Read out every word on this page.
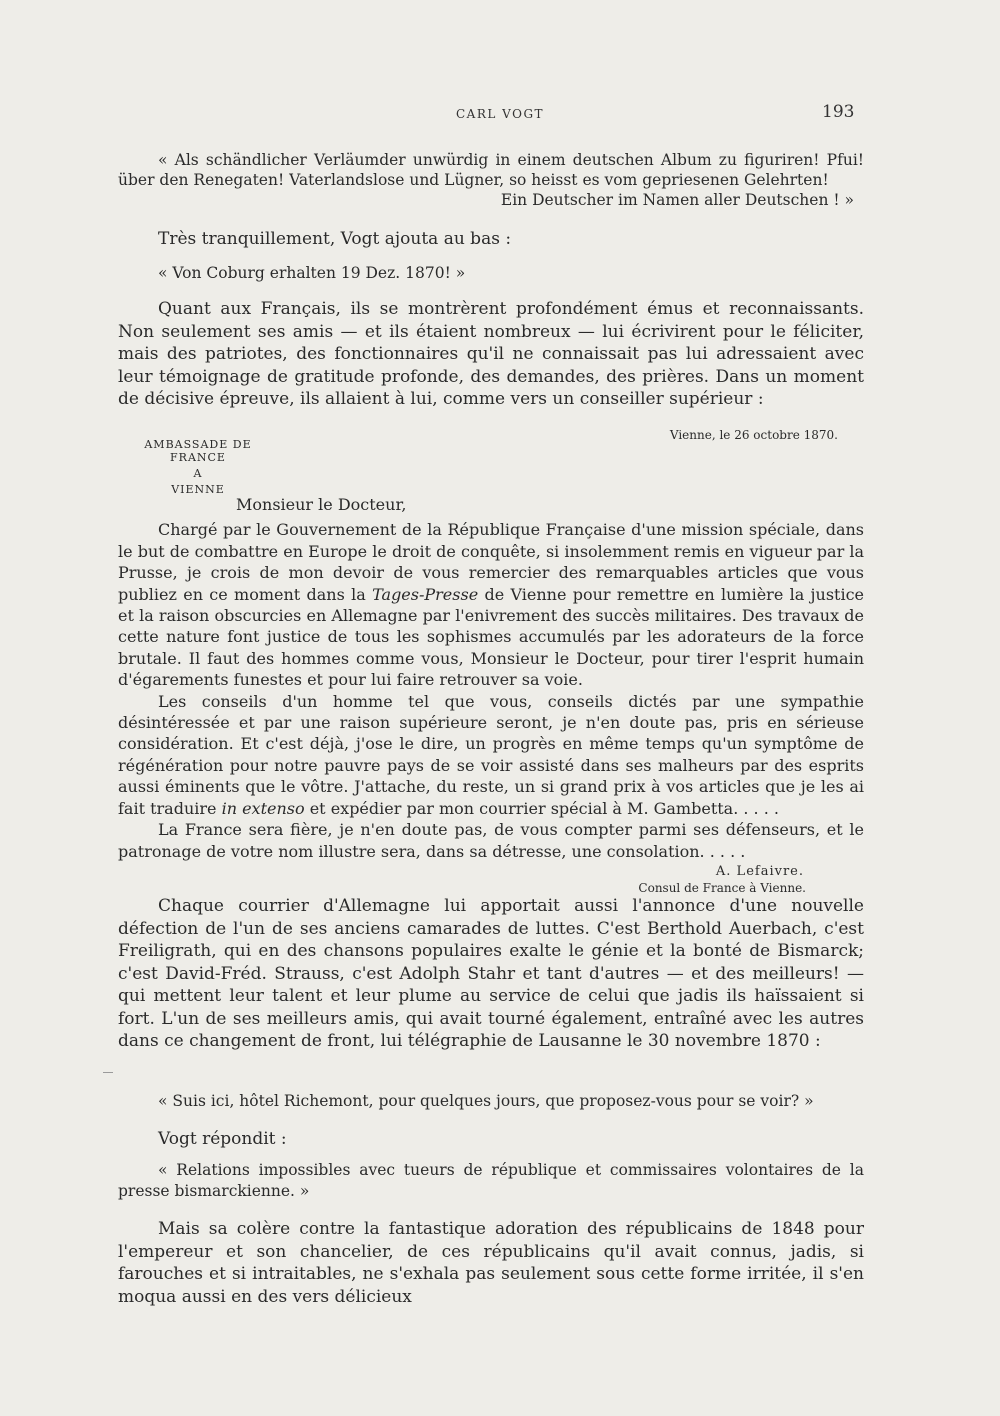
CARL VOGT	193

« Als schändlicher Verläumder unwürdig in einem deutschen Album zu figuriren! Pfui! über den Renegaten! Vaterlandslose und Lügner, so heisst es vom gepriesenen Gelehrten!

Ein Deutscher im Namen aller Deutschen ! »

Très tranquillement, Vogt ajouta au bas :

« Von Coburg erhalten 19 Dez. 1870! »

Quant aux Français, ils se montrèrent profondément émus et reconnaissants. Non seulement ses amis — et ils étaient nombreux — lui écrivirent pour le féliciter, mais des patriotes, des fonctionnaires qu'il ne connaissait pas lui adressaient avec leur témoignage de gratitude profonde, des demandes, des prières. Dans un moment de décisive épreuve, ils allaient à lui, comme vers un conseiller supérieur :

AMBASSADE DE FRANCE
A
VIENNE
Vienne, le 26 octobre 1870.

Monsieur le Docteur,

Chargé par le Gouvernement de la République Française d'une mission spéciale, dans le but de combattre en Europe le droit de conquête, si insolemment remis en vigueur par la Prusse, je crois de mon devoir de vous remercier des remarquables articles que vous publiez en ce moment dans la Tages-Presse de Vienne pour remettre en lumière la justice et la raison obscurcies en Allemagne par l'enivrement des succès militaires. Des travaux de cette nature font justice de tous les sophismes accumulés par les adorateurs de la force brutale. Il faut des hommes comme vous, Monsieur le Docteur, pour tirer l'esprit humain d'égarements funestes et pour lui faire retrouver sa voie.

Les conseils d'un homme tel que vous, conseils dictés par une sympathie désintéressée et par une raison supérieure seront, je n'en doute pas, pris en sérieuse considération. Et c'est déjà, j'ose le dire, un progrès en même temps qu'un symptôme de régénération pour notre pauvre pays de se voir assisté dans ses malheurs par des esprits aussi éminents que le vôtre. J'attache, du reste, un si grand prix à vos articles que je les ai fait traduire in extenso et expédier par mon courrier spécial à M. Gambetta. . . . .

La France sera fière, je n'en doute pas, de vous compter parmi ses défenseurs, et le patronage de votre nom illustre sera, dans sa détresse, une consolation. . . . .

A. Lefaivre.
Consul de France à Vienne.

Chaque courrier d'Allemagne lui apportait aussi l'annonce d'une nouvelle défection de l'un de ses anciens camarades de luttes. C'est Berthold Auerbach, c'est Freiligrath, qui en des chansons populaires exalte le génie et la bonté de Bismarck; c'est David-Fréd. Strauss, c'est Adolph Stahr et tant d'autres — et des meilleurs! — qui mettent leur talent et leur plume au service de celui que jadis ils haïssaient si fort. L'un de ses meilleurs amis, qui avait tourné également, entraîné avec les autres dans ce changement de front, lui télégraphie de Lausanne le 30 novembre 1870 :

« Suis ici, hôtel Richemont, pour quelques jours, que proposez-vous pour se voir? »

Vogt répondit :

« Relations impossibles avec tueurs de république et commissaires volontaires de la presse bismarckienne. »

Mais sa colère contre la fantastique adoration des républicains de 1848 pour l'empereur et son chancelier, de ces républicains qu'il avait connus, jadis, si farouches et si intraitables, ne s'exhala pas seulement sous cette forme irritée, il s'en moqua aussi en des vers délicieux
